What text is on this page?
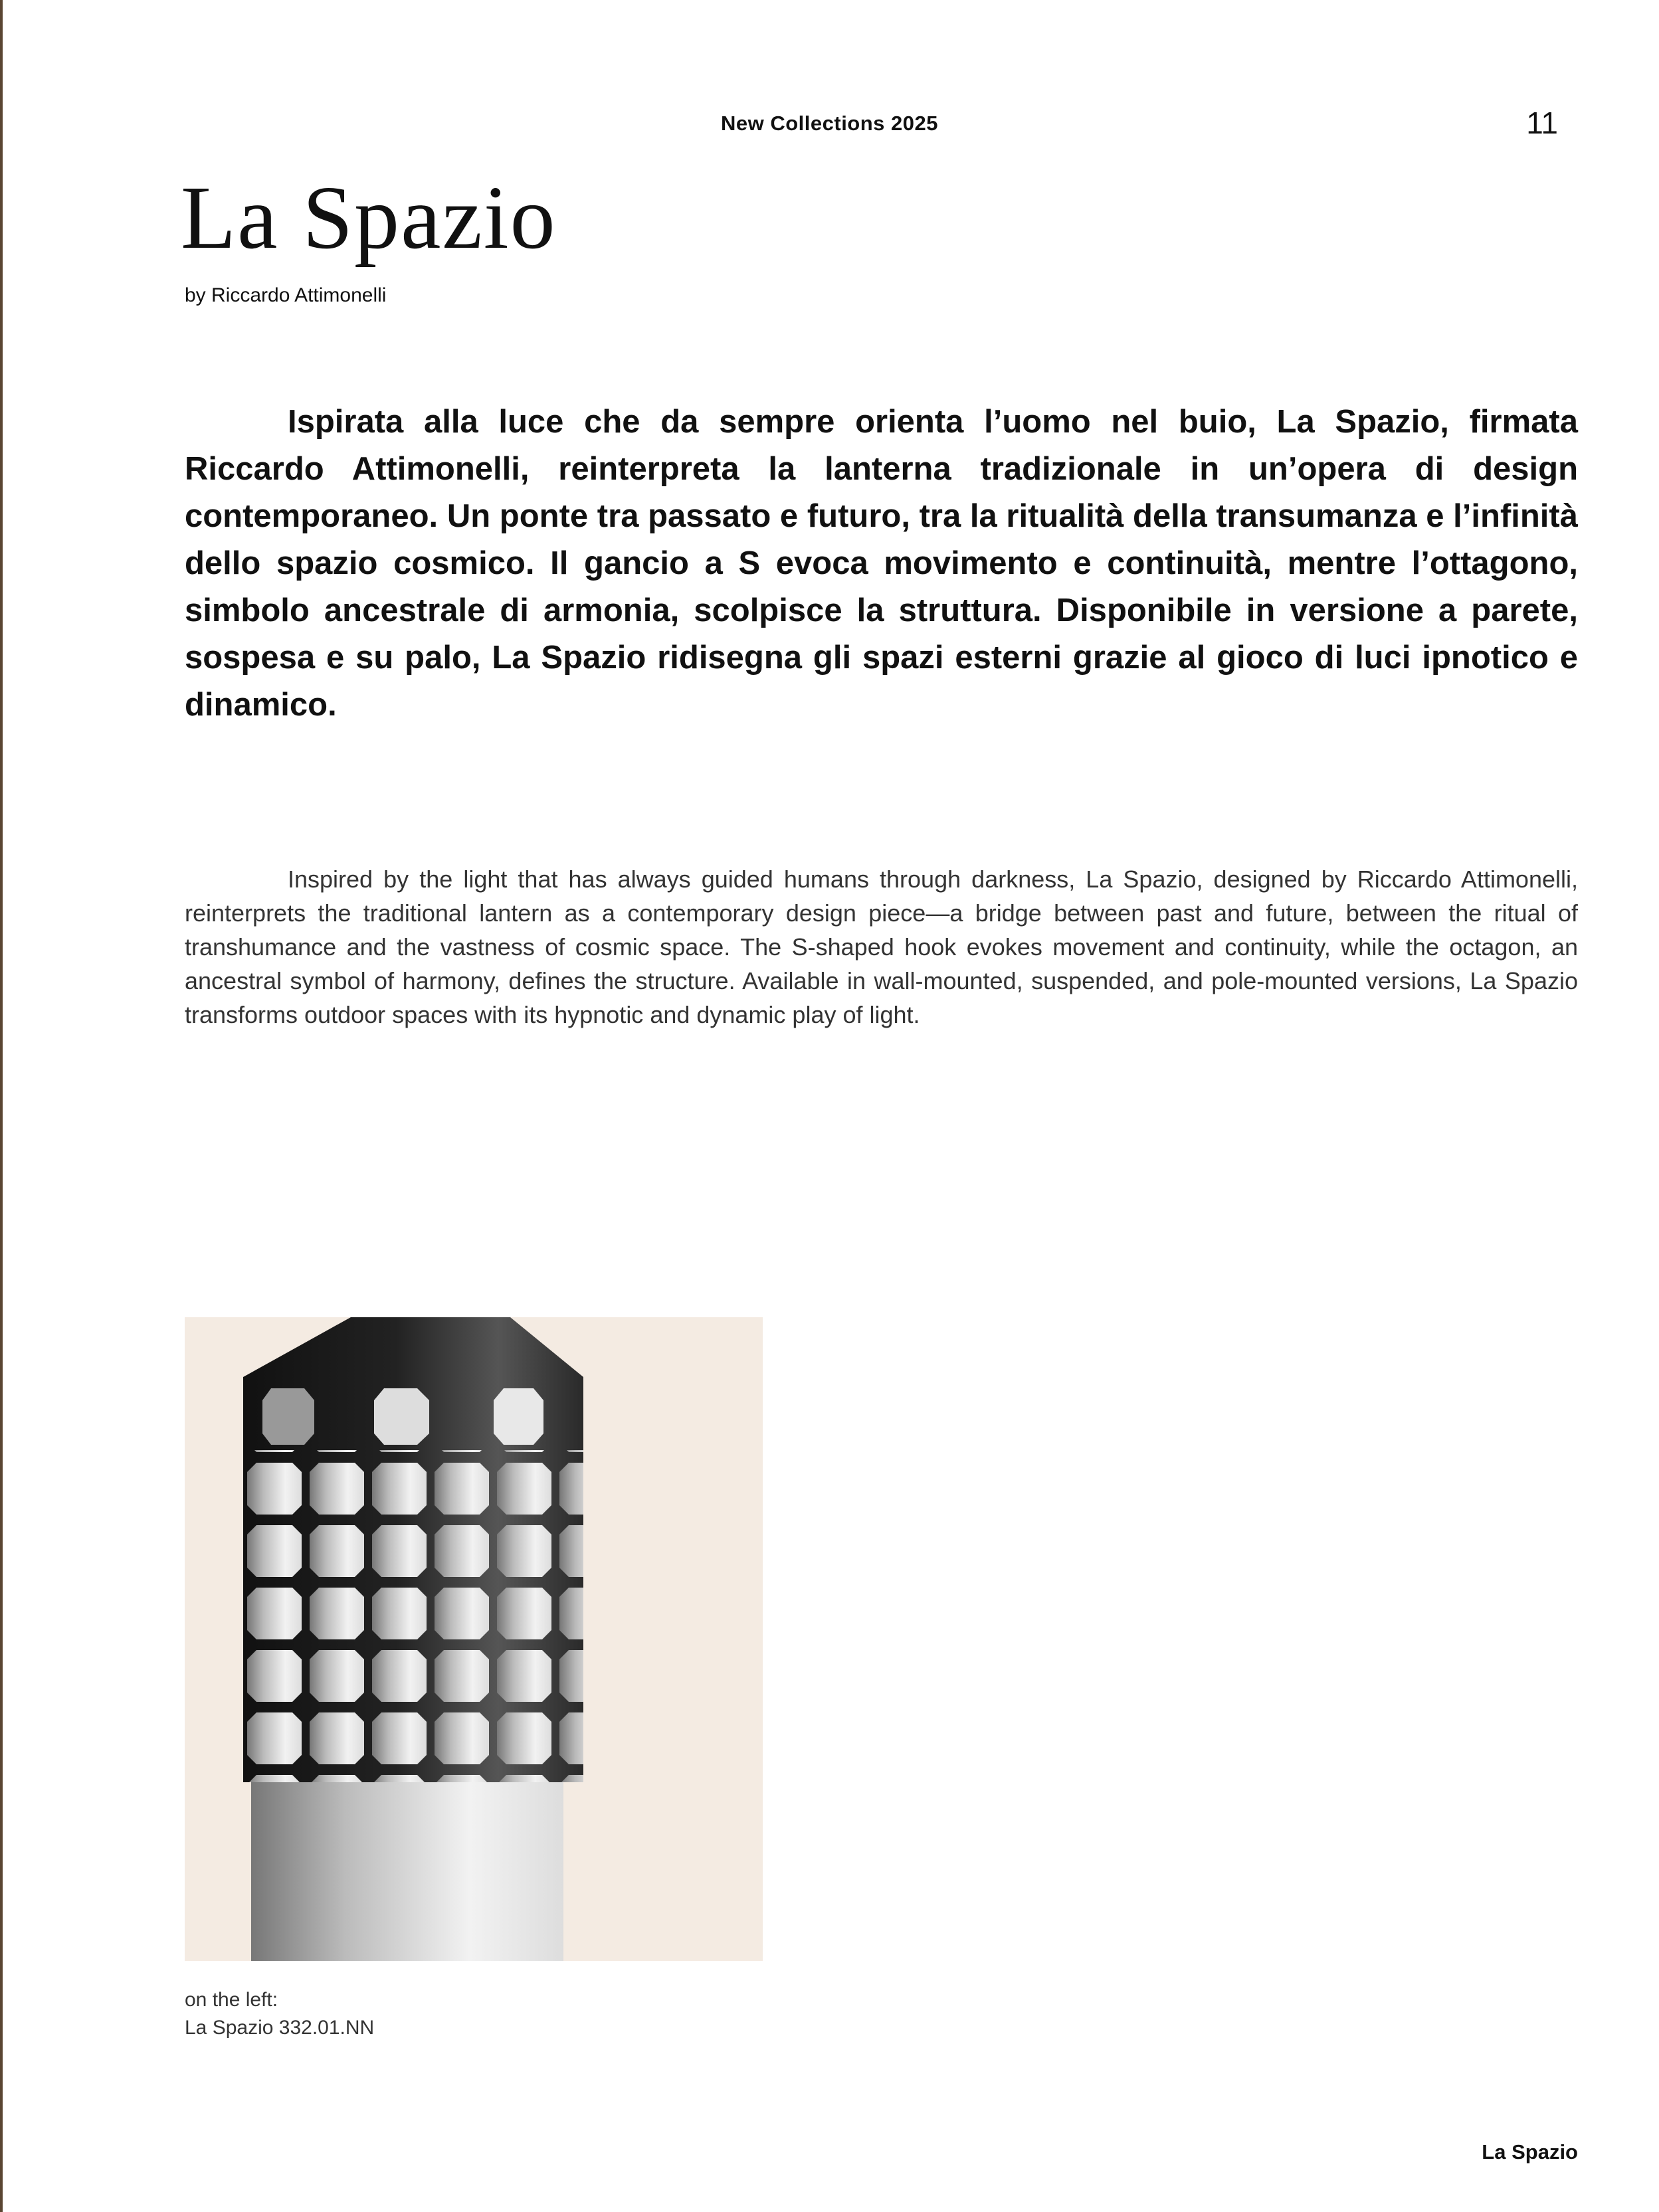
New Collections 2025	11
La Spazio
by Riccardo Attimonelli

Ispirata alla luce che da sempre orienta l’uomo nel buio, La Spazio, firmata Riccardo Attimonelli, reinterpreta la lanterna tradizionale in un’opera di design contemporaneo. Un ponte tra passato e futuro, tra la ritualità della transumanza e l’infinità dello spazio cosmico. Il gancio a S evoca movimento e continuità, mentre l’ottagono, simbolo ancestrale di armonia, scolpisce la struttura. Disponibile in versione a parete, sospesa e su palo, La Spazio ridisegna gli spazi esterni grazie al gioco di luci ipnotico e dinamico.

Inspired by the light that has always guided humans through darkness, La Spazio, designed by Riccardo Attimonelli, reinterprets the traditional lantern as a contemporary design piece—a bridge between past and future, between the ritual of transhumance and the vastness of cosmic space. The S-shaped hook evokes movement and continuity, while the octagon, an ancestral symbol of harmony, defines the structure. Available in wall-mounted, suspended, and pole-mounted versions, La Spazio transforms outdoor spaces with its hypnotic and dynamic play of light.

on the left:
La Spazio 332.01.NN
La Spazio
